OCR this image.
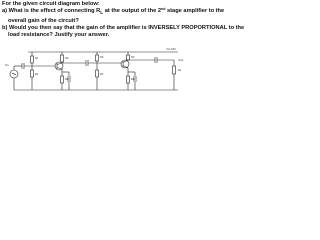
For the given circuit diagram below:

a) What is the effect of connecting $R_L$ at the output of the 2nd stage amplifier to the

overall gain of the circuit?

b) Would you then say that the gain of the amplifier is INVERSELY PROPORTIONAL to the

load resistance? Justify your answer.

Vcc 18V
Vin
R1
R2
RC
RE
R3
R4
RC
RE
RL
Vout
